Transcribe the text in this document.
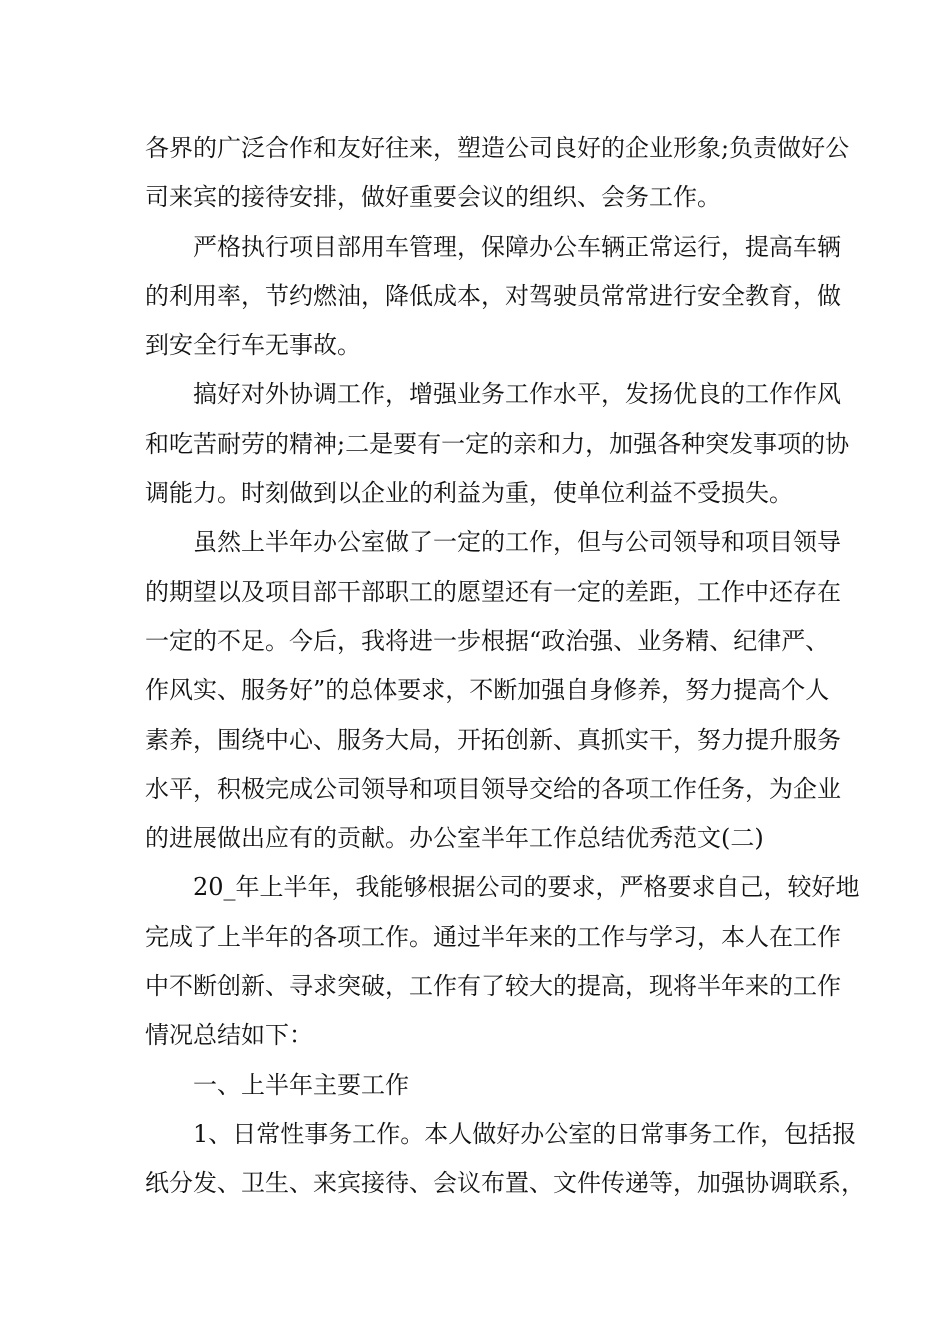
各界的广泛合作和友好往来，塑造公司良好的企业形象;负责做好公
司来宾的接待安排，做好重要会议的组织、会务工作。
严格执行项目部用车管理，保障办公车辆正常运行，提高车辆
的利用率，节约燃油，降低成本，对驾驶员常常进行安全教育，做
到安全行车无事故。
搞好对外协调工作，增强业务工作水平，发扬优良的工作作风
和吃苦耐劳的精神;二是要有一定的亲和力，加强各种突发事项的协
调能力。时刻做到以企业的利益为重，使单位利益不受损失。
虽然上半年办公室做了一定的工作，但与公司领导和项目领导
的期望以及项目部干部职工的愿望还有一定的差距，工作中还存在
一定的不足。今后，我将进一步根据“政治强、业务精、纪律严、
作风实、服务好”的总体要求，不断加强自身修养，努力提高个人
素养，围绕中心、服务大局，开拓创新、真抓实干，努力提升服务
水平，积极完成公司领导和项目领导交给的各项工作任务，为企业
的进展做出应有的贡献。办公室半年工作总结优秀范文(二)
20_年上半年，我能够根据公司的要求，严格要求自己，较好地
完成了上半年的各项工作。通过半年来的工作与学习，本人在工作
中不断创新、寻求突破，工作有了较大的提高，现将半年来的工作
情况总结如下：
一、上半年主要工作
1、日常性事务工作。本人做好办公室的日常事务工作，包括报
纸分发、卫生、来宾接待、会议布置、文件传递等，加强协调联系，
